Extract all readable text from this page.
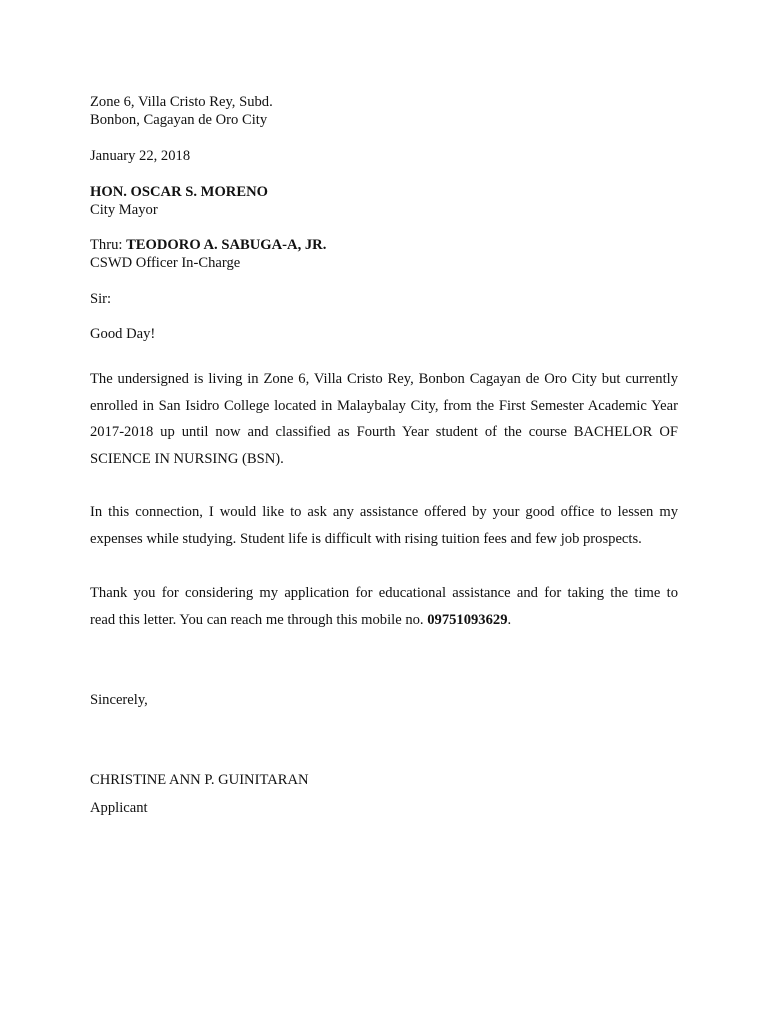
Zone 6, Villa Cristo Rey, Subd.
Bonbon, Cagayan de Oro City
January 22, 2018
HON. OSCAR S. MORENO
City Mayor
Thru: TEODORO A. SABUGA-A, JR.
CSWD Officer In-Charge
Sir:
Good Day!
The undersigned is living in Zone 6, Villa Cristo Rey, Bonbon Cagayan de Oro City but currently
enrolled in San Isidro College located in Malaybalay City, from the First Semester Academic Year
2017-2018 up until now and classified as Fourth Year student of the course BACHELOR OF
SCIENCE IN NURSING (BSN).
In this connection, I would like to ask any assistance offered by your good office to lessen my
expenses while studying. Student life is difficult with rising tuition fees and few job prospects.
Thank you for considering my application for educational assistance and for taking the time to
read this letter. You can reach me through this mobile no. 09751093629.
Sincerely,
CHRISTINE ANN P. GUINITARAN
Applicant
